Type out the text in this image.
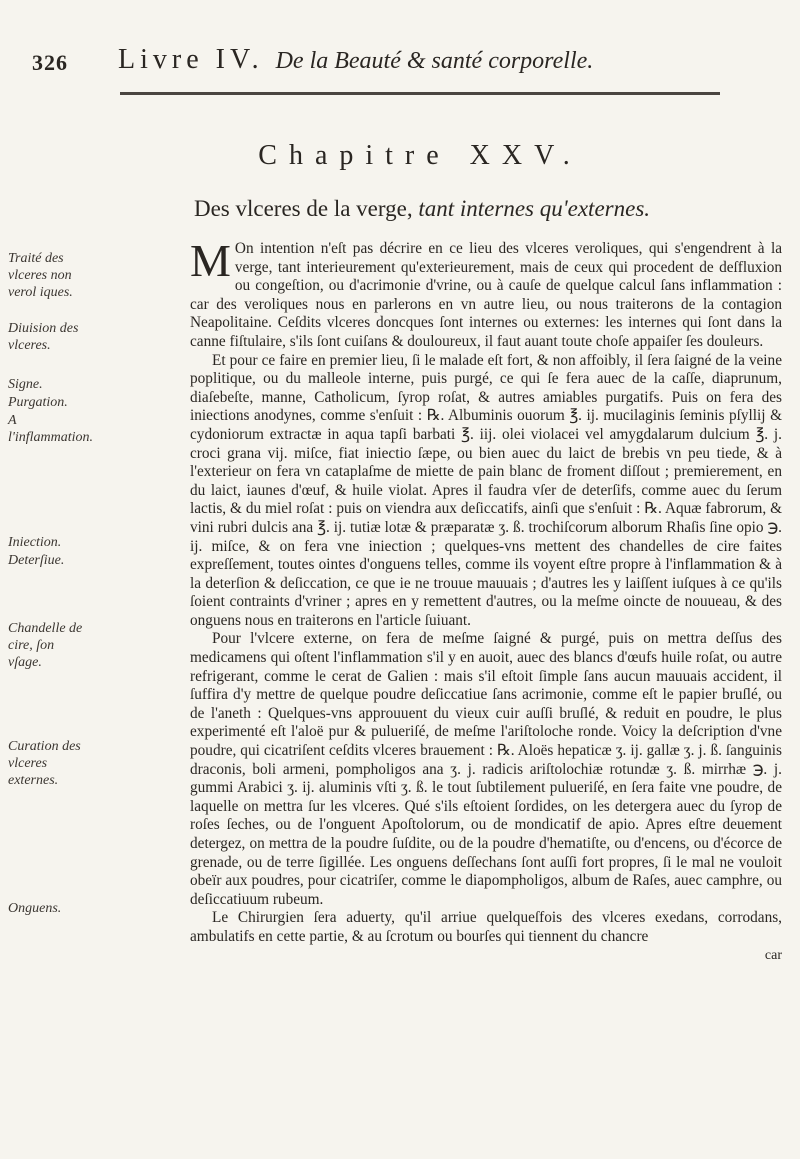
326 Livre IV. De la Beauté & santé corporelle.
Chapitre XXV.
Des vlceres de la verge, tant internes qu'externes.
Traité des vlceres non verol iques.
Diuision des vlceres.
Signe.
Purgation.
A l'inflammation.
Iniection.
Deterſiue.
Chandelle de cire, ſon vſage.
Curation des vlceres externes.
Onguens.

M On intention n'eſt pas décrire en ce lieu des vlceres veroliques, qui s'engendrent à la verge, tant interieurement qu'exterieurement, mais de ceux qui procedent de deſfluxion ou congeſtion, ou d'acrimonie d'vrine, ou à cauſe de quelque calcul ſans inflammation : car des veroliques nous en parlerons en vn autre lieu, ou nous traiterons de la contagion Neapolitaine. Ceſdits vlceres doncques ſont internes ou externes: les internes qui ſont dans la canne fiſtulaire, s'ils ſont cuiſans & douloureux, il faut auant toute choſe appaiſer ſes douleurs.

Et pour ce faire en premier lieu, ſi le malade eſt fort, & non affoibly, il ſera ſaigné de la veine poplitique, ou du malleole interne, puis purgé, ce qui ſe fera auec de la caſſe, diaprunum, diaſebeſte, manne, Catholicum, ſyrop roſat, & autres amiables purgatifs. Puis on fera des iniections anodynes, comme s'enſuit : ℞. Albuminis ouorum ℥. ij. mucilaginis ſeminis pſyllij & cydoniorum extractæ in aqua tapſi barbati ℥. iij. olei violacei vel amygdalarum dulcium ℥. j. croci grana vij. miſce, fiat iniectio ſæpe, ou bien auec du laict de brebis vn peu tiede, & à l'exterieur on fera vn cataplaſme de miette de pain blanc de froment diſſout ; premierement, en du laict, iaunes d'œuf, & huile violat. Apres il faudra vſer de deterſifs, comme auec du ſerum lactis, & du miel roſat : puis on viendra aux deſiccatifs, ainſi que s'enſuit : ℞. Aquæ fabrorum, & vini rubri dulcis ana ℥. ij. tutiæ lotæ & præparatæ ʒ. ß. trochiſcorum alborum Rhaſis ſine opio ℈. ij. miſce, & on fera vne iniection ; quelques-vns mettent des chandelles de cire faites expreſſement, toutes ointes d'onguens telles, comme ils voyent eſtre propre à l'inflammation & à la deterſion & deſiccation, ce que ie ne trouue mauuais ; d'autres les y laiſſent iuſques à ce qu'ils ſoient contraints d'vriner ; apres en y remettent d'autres, ou la meſme oincte de nouueau, & des onguens nous en traiterons en l'article ſuiuant.

Pour l'vlcere externe, on fera de meſme ſaigné & purgé, puis on mettra deſſus des medicamens qui oſtent l'inflammation s'il y en auoit, auec des blancs d'œufs huile roſat, ou autre refrigerant, comme le cerat de Galien : mais s'il eſtoit ſimple ſans aucun mauuais accident, il ſuffira d'y mettre de quelque poudre deſiccatiue ſans acrimonie, comme eſt le papier bruſlé, ou de l'aneth : Quelques-vns approuuent du vieux cuir auſſi bruſlé, & reduit en poudre, le plus experimenté eſt l'aloë pur & pulueriſé, de meſme l'ariſtoloche ronde. Voicy la deſcription d'vne poudre, qui cicatriſent ceſdits vlceres brauement : ℞. Aloës hepaticæ ʒ. ij. gallæ ʒ. j. ß. ſanguinis draconis, boli armeni, pompholigos ana ʒ. j. radicis ariſtolochiæ rotundæ ʒ. ß. mirrhæ ℈. j. gummi Arabici ʒ. ij. aluminis vſti ʒ. ß. le tout ſubtilement pulueriſé, en ſera faite vne poudre, de laquelle on mettra ſur les vlceres. Qué s'ils eſtoient ſordides, on les detergera auec du ſyrop de roſes ſeches, ou de l'onguent Apoſtolorum, ou de mondicatif de apio. Apres eſtre deuement detergez, on mettra de la poudre ſuſdite, ou de la poudre d'hematiſte, ou d'encens, ou d'écorce de grenade, ou de terre ſigillée. Les onguens deſſechans ſont auſſi fort propres, ſi le mal ne vouloit obeïr aux poudres, pour cicatriſer, comme le diapompholigos, album de Raſes, auec camphre, ou deſiccatiuum rubeum.

Le Chirurgien ſera aduerty, qu'il arriue quelqueſfois des vlceres exedans, corrodans, ambulatifs en cette partie, & au ſcrotum ou bourſes qui tiennent du chancre

car
